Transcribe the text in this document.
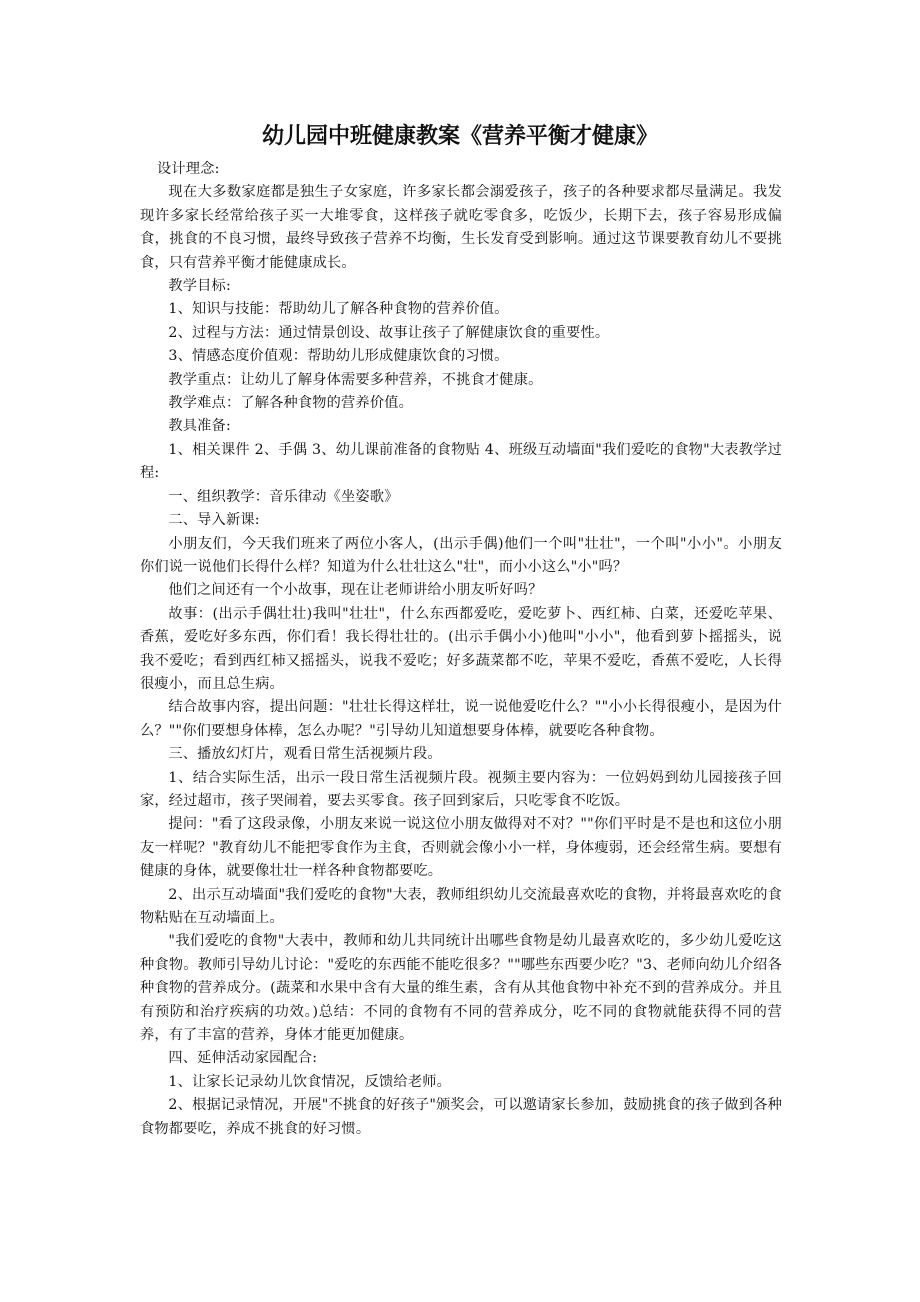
幼儿园中班健康教案《营养平衡才健康》

设计理念:

现在大多数家庭都是独生子女家庭，许多家长都会溺爱孩子，孩子的各种要求都尽量满足。我发现许多家长经常给孩子买一大堆零食，这样孩子就吃零食多，吃饭少，长期下去，孩子容易形成偏食，挑食的不良习惯，最终导致孩子营养不均衡，生长发育受到影响。通过这节课要教育幼儿不要挑食，只有营养平衡才能健康成长。

教学目标:

1、知识与技能：帮助幼儿了解各种食物的营养价值。

2、过程与方法：通过情景创设、故事让孩子了解健康饮食的重要性。

3、情感态度价值观：帮助幼儿形成健康饮食的习惯。

教学重点：让幼儿了解身体需要多种营养，不挑食才健康。

教学难点：了解各种食物的营养价值。

教具准备:

1、相关课件 2、手偶 3、幼儿课前准备的食物贴 4、班级互动墙面"我们爱吃的食物"大表教学过程:

一、组织教学：音乐律动《坐姿歌》

二、导入新课:

小朋友们，今天我们班来了两位小客人，(出示手偶)他们一个叫"壮壮"，一个叫"小小"。小朋友你们说一说他们长得什么样？知道为什么壮壮这么"壮"，而小小这么"小"吗？

他们之间还有一个小故事，现在让老师讲给小朋友听好吗？

故事：(出示手偶壮壮)我叫"壮壮"，什么东西都爱吃，爱吃萝卜、西红柿、白菜，还爱吃苹果、香蕉，爱吃好多东西，你们看！我长得壮壮的。(出示手偶小小)他叫"小小"，他看到萝卜摇摇头，说我不爱吃；看到西红柿又摇摇头，说我不爱吃；好多蔬菜都不吃，苹果不爱吃，香蕉不爱吃，人长得很瘦小，而且总生病。

结合故事内容，提出问题："壮壮长得这样壮，说一说他爱吃什么？""小小长得很瘦小，是因为什么？""你们要想身体棒，怎么办呢？"引导幼儿知道想要身体棒，就要吃各种食物。

三、播放幻灯片，观看日常生活视频片段。

1、结合实际生活，出示一段日常生活视频片段。视频主要内容为：一位妈妈到幼儿园接孩子回家，经过超市，孩子哭闹着，要去买零食。孩子回到家后，只吃零食不吃饭。

提问："看了这段录像，小朋友来说一说这位小朋友做得对不对？""你们平时是不是也和这位小朋友一样呢？"教育幼儿不能把零食作为主食，否则就会像小小一样，身体瘦弱，还会经常生病。要想有健康的身体，就要像壮壮一样各种食物都要吃。

2、出示互动墙面"我们爱吃的食物"大表，教师组织幼儿交流最喜欢吃的食物，并将最喜欢吃的食物粘贴在互动墙面上。

"我们爱吃的食物"大表中，教师和幼儿共同统计出哪些食物是幼儿最喜欢吃的，多少幼儿爱吃这种食物。教师引导幼儿讨论："爱吃的东西能不能吃很多？""哪些东西要少吃？"3、老师向幼儿介绍各种食物的营养成分。(蔬菜和水果中含有大量的维生素，含有从其他食物中补充不到的营养成分。并且有预防和治疗疾病的功效。)总结：不同的食物有不同的营养成分，吃不同的食物就能获得不同的营养，有了丰富的营养，身体才能更加健康。

四、延伸活动家园配合:

1、让家长记录幼儿饮食情况，反馈给老师。

2、根据记录情况，开展"不挑食的好孩子"颁奖会，可以邀请家长参加，鼓励挑食的孩子做到各种食物都要吃，养成不挑食的好习惯。
